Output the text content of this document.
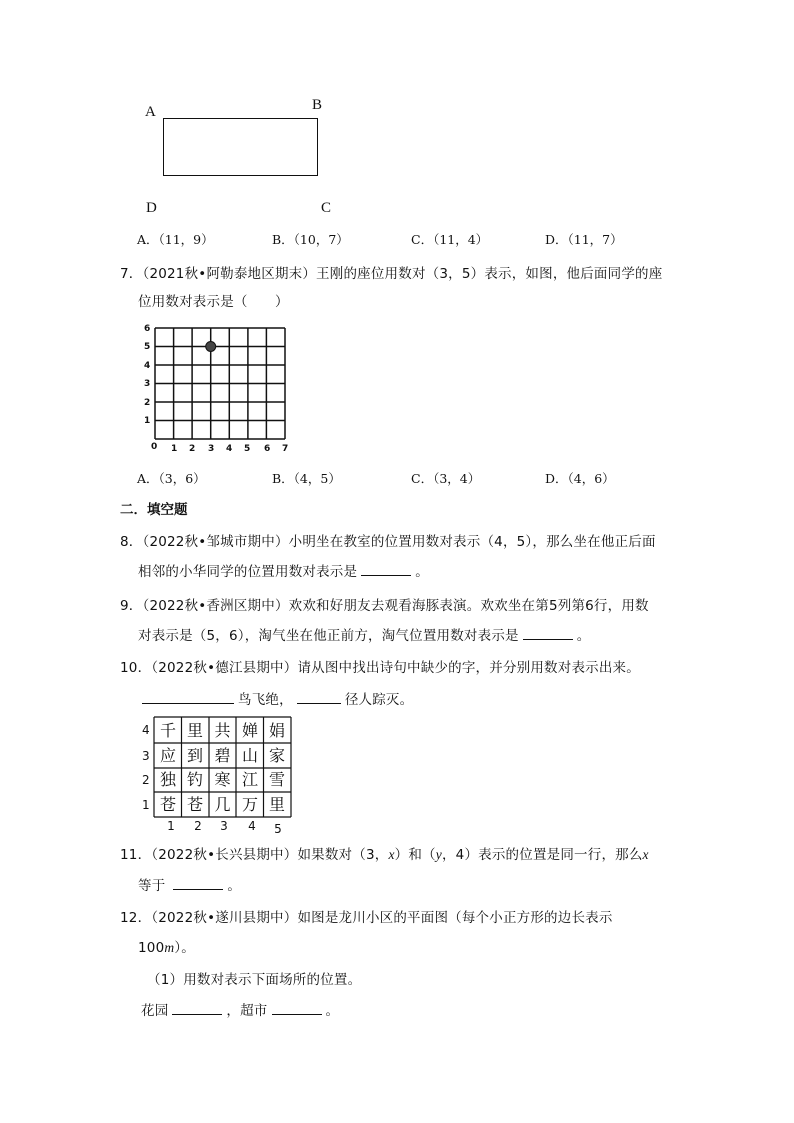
A	B
C
D
A．（11，9）	B．（10，7）	C．（11，4）	D．（11，7）
7．（2021秋•阿勒泰地区期末）王刚的座位用数对（3，5）表示，如图，他后面同学的座
位用数对表示是（　　）
6
5
4
3
2
1
0 1 2 3 4 5 6 7
A．（3，6）	B．（4，5）	C．（3，4）	D．（4，6）
二．填空题
8．（2022秋•邹城市期中）小明坐在教室的位置用数对表示（4，5），那么坐在他正后面
相邻的小华同学的位置用数对表示是	。
9．（2022秋•香洲区期中）欢欢和好朋友去观看海豚表演。欢欢坐在第5列第6行，用数
对表示是（5，6），淘气坐在他正前方，淘气位置用数对表示是	。
10．（2022秋•德江县期中）请从图中找出诗句中缺少的字，并分别用数对表示出来。
鸟飞绝，	径人踪灭。
4
3
2
1
千 里 共 婵 娟
应 到 碧 山 家
独 钓 寒 江 雪
苍 苍 几 万 里
1 2 3 4 5
11．（2022秋•长兴县期中）如果数对（3，x）和（y，4）表示的位置是同一行，那么x
等于	。
12．（2022秋•遂川县期中）如图是龙川小区的平面图（每个小正方形的边长表示
100m）。
（1）用数对表示下面场所的位置。
花园	，超市	。
